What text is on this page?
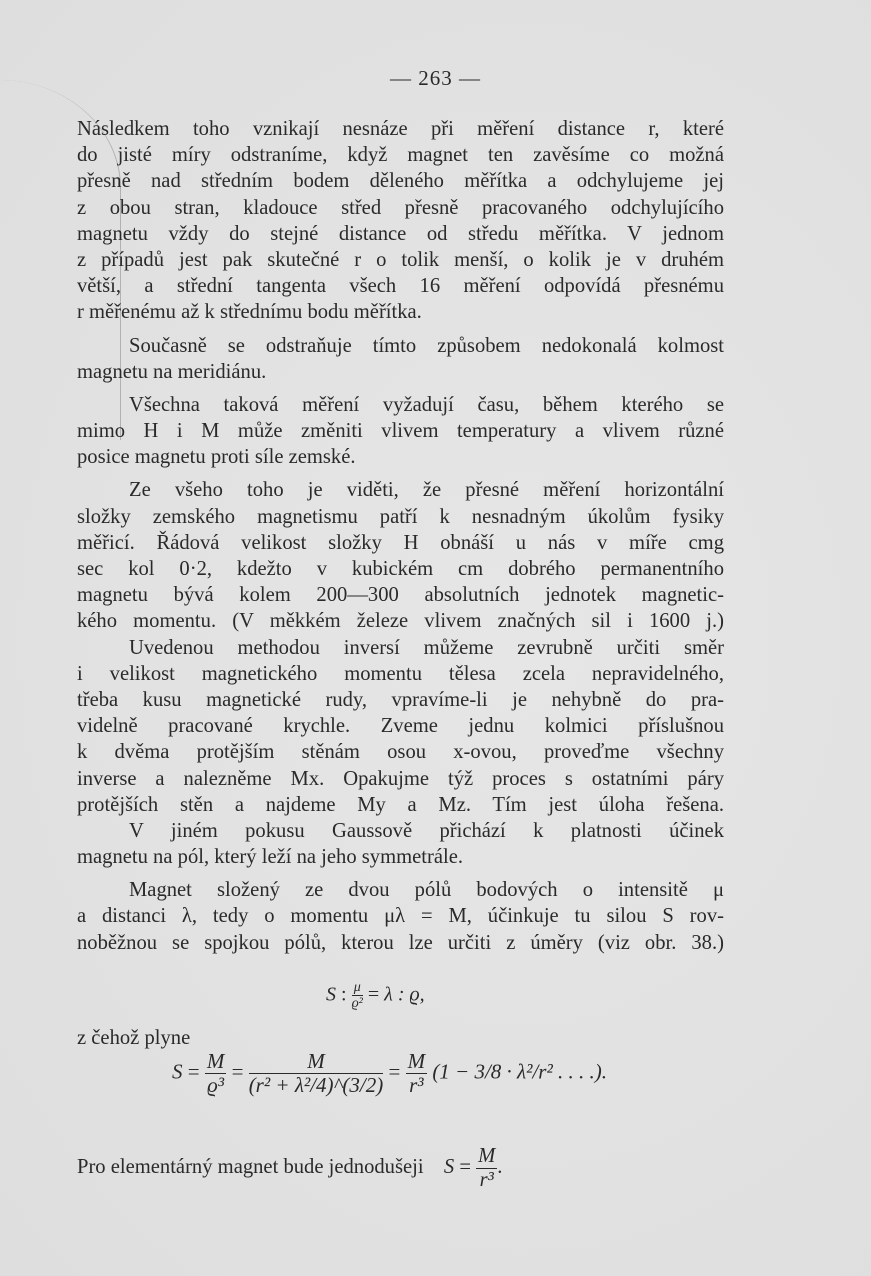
— 263 —
Následkem toho vznikají nesnáze při měření distance r, které
do jisté míry odstraníme, když magnet ten zavěsíme co možná
přesně nad středním bodem děleného měřítka a odchylujeme jej
z obou stran, kladouce střed přesně pracovaného odchylujícího
magnetu vždy do stejné distance od středu měřítka. V jednom
z případů jest pak skutečné r o tolik menší, o kolik je v druhém
větší, a střední tangenta všech 16 měření odpovídá přesnému
r měřenému až k střednímu bodu měřítka.
Současně se odstraňuje tímto způsobem nedokonalá kolmost
magnetu na meridiánu.
Všechna taková měření vyžadují času, během kterého se
mimo H i M může změniti vlivem temperatury a vlivem různé
posice magnetu proti síle zemské.
Ze všeho toho je viděti, že přesné měření horizontální
složky zemského magnetismu patří k nesnadným úkolům fysiky
měřicí. Řádová velikost složky H obnáší u nás v míře cmg
sec kol 0·2, kdežto v kubickém cm dobrého permanentního
magnetu bývá kolem 200—300 absolutních jednotek magnetic-
kého momentu. (V měkkém železe vlivem značných sil i 1600 j.)
Uvedenou methodou inversí můžeme zevrubně určiti směr
i velikost magnetického momentu tělesa zcela nepravidelného,
třeba kusu magnetické rudy, vpravíme-li je nehybně do pra-
videlně pracované krychle. Zveme jednu kolmici příslušnou
k dvěma protějším stěnám osou x-ovou, proveďme všechny
inverse a nalezněme Mx. Opakujme týž proces s ostatními páry
protějších stěn a najdeme My a Mz. Tím jest úloha řešena.
V jiném pokusu Gaussově přichází k platnosti účinek
magnetu na pól, který leží na jeho symmetrále.
Magnet složený ze dvou pólů bodových o intensitě μ
a distanci λ, tedy o momentu μλ = M, účinkuje tu silou S rov-
noběžnou se spojkou pólů, kterou lze určiti z úměry (viz obr. 38.)
S : $\frac{\mu}{\text{ϱ²}} = \lambda$ : ϱ,
z čehož plyne
$S = \frac{M}{\text{ϱ³}} = \frac{M}{\text{(r² + λ²/4)\textasciicircum{}(3/2)}} = \frac{M}{\text{r³}} (1 - 3/8 \cdot \lambda^2/r^2$ . . . .).
Pro elementárný magnet bude jednodušeji $S = \frac{M}{\text{r³}}$ .
